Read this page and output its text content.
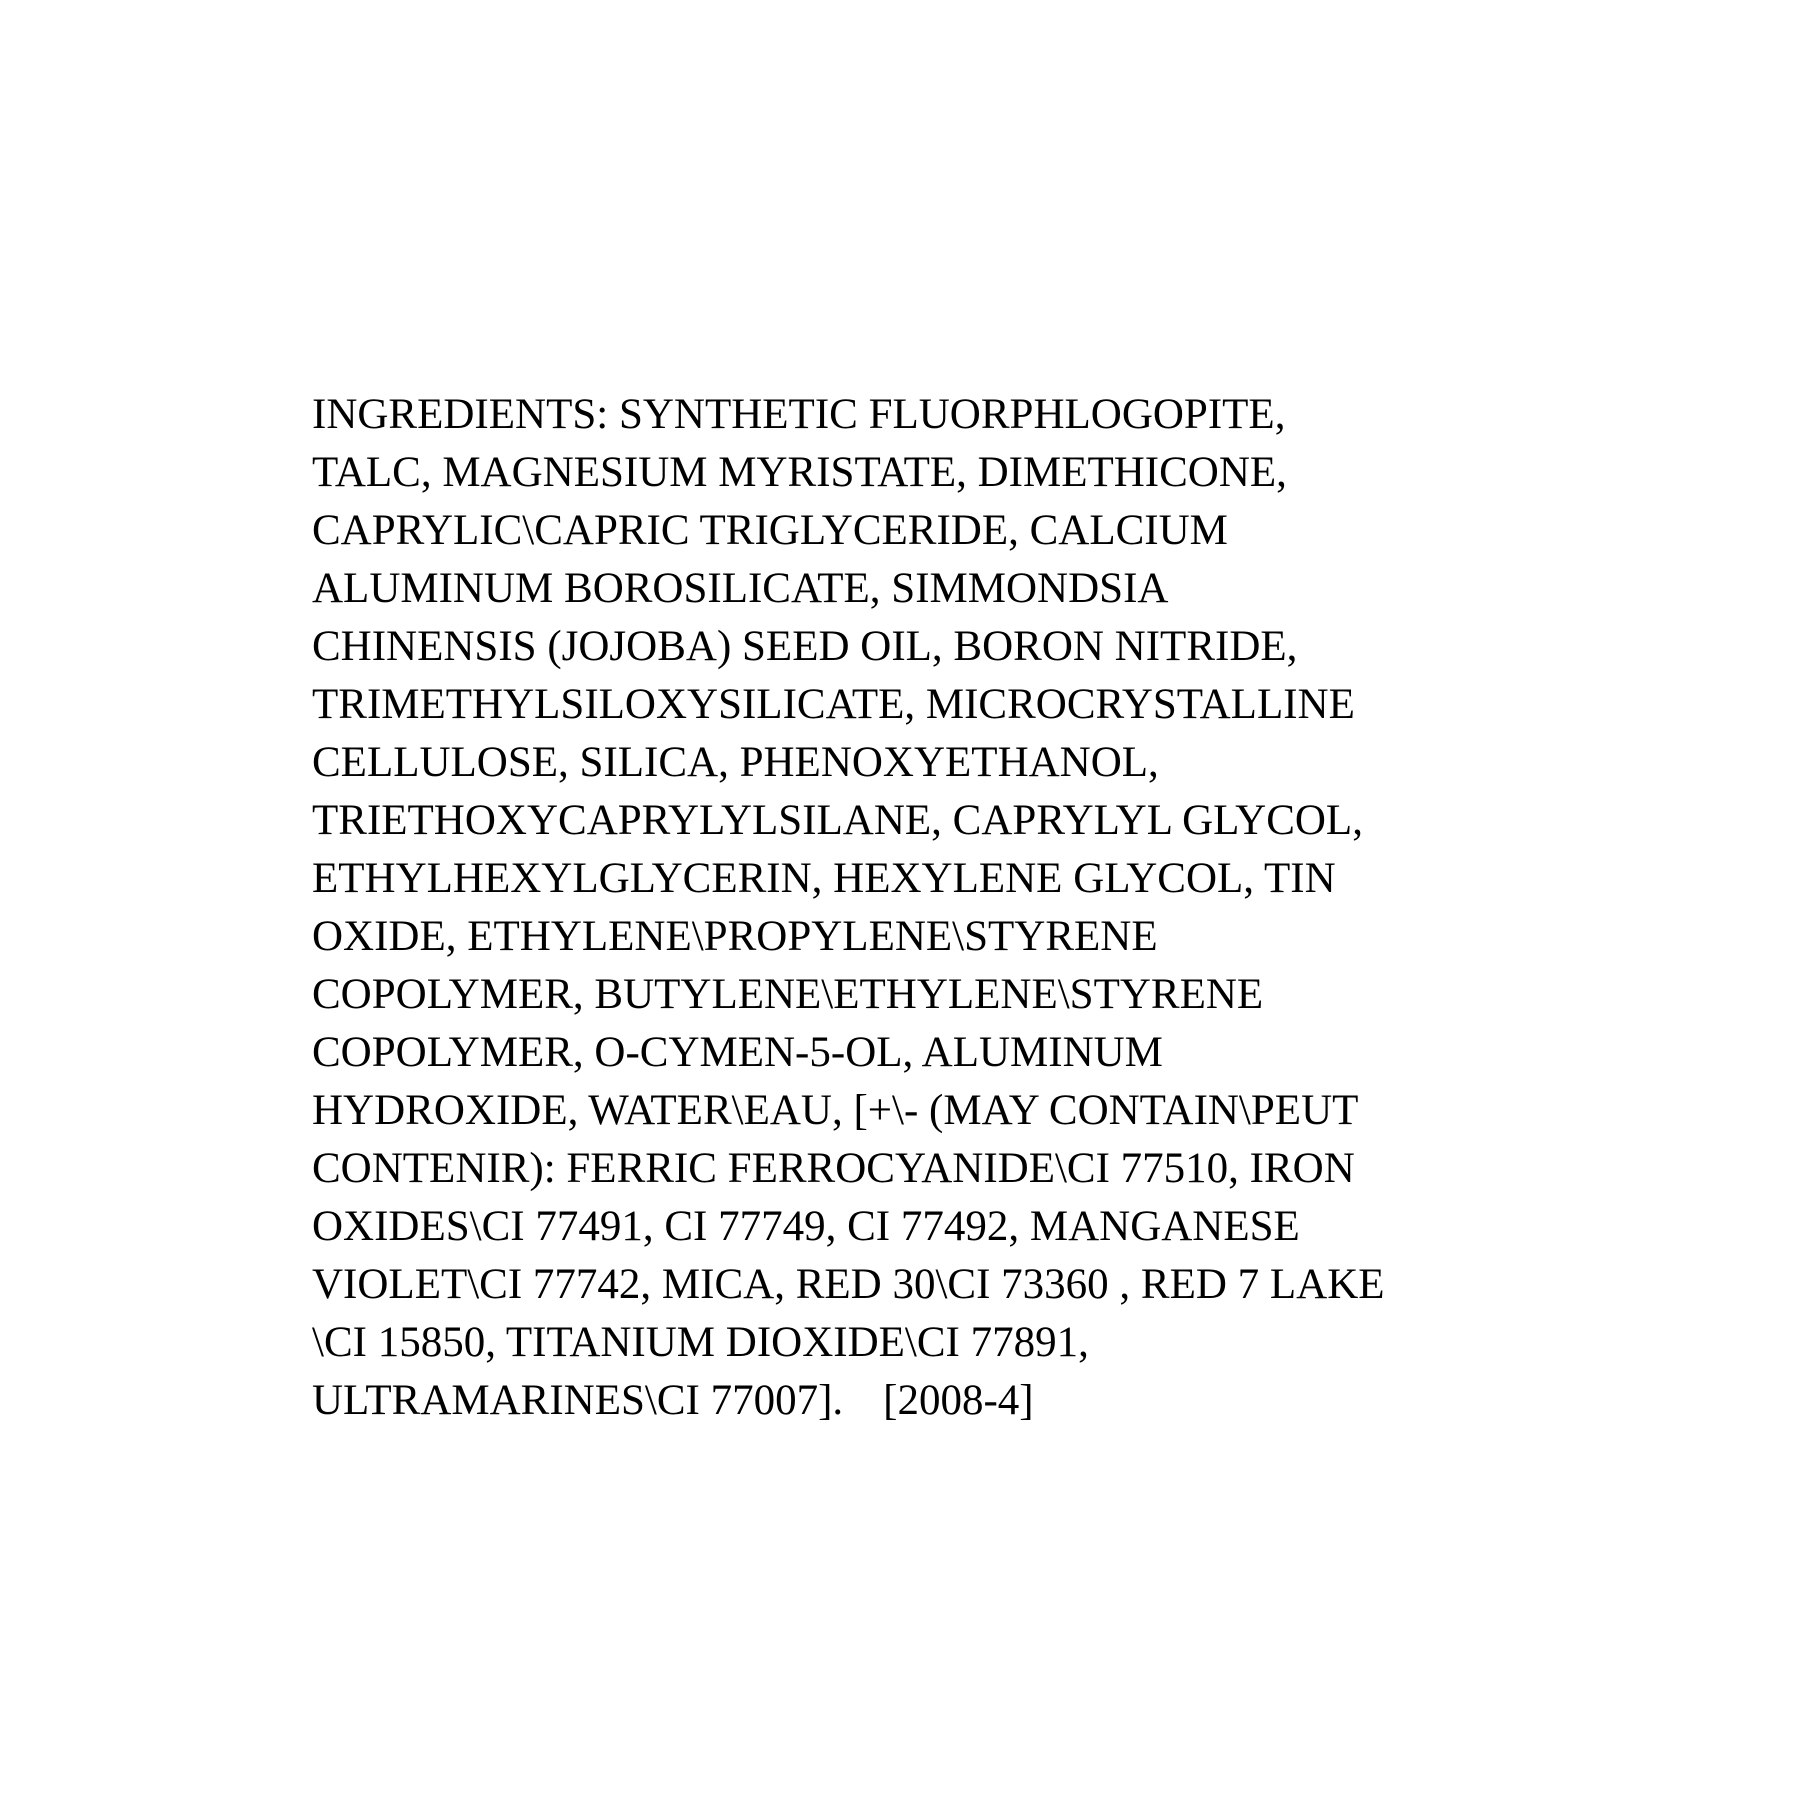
INGREDIENTS: SYNTHETIC FLUORPHLOGOPITE,
TALC, MAGNESIUM MYRISTATE, DIMETHICONE,
CAPRYLIC\CAPRIC TRIGLYCERIDE, CALCIUM
ALUMINUM BOROSILICATE, SIMMONDSIA
CHINENSIS (JOJOBA) SEED OIL, BORON NITRIDE,
TRIMETHYLSILOXYSILICATE, MICROCRYSTALLINE
CELLULOSE, SILICA, PHENOXYETHANOL,
TRIETHOXYCAPRYLYLSILANE, CAPRYLYL GLYCOL,
ETHYLHEXYLGLYCERIN, HEXYLENE GLYCOL, TIN
OXIDE, ETHYLENE\PROPYLENE\STYRENE
COPOLYMER, BUTYLENE\ETHYLENE\STYRENE
COPOLYMER, O-CYMEN-5-OL, ALUMINUM
HYDROXIDE, WATER\EAU, [+\- (MAY CONTAIN\PEUT
CONTENIR): FERRIC FERROCYANIDE\CI 77510, IRON
OXIDES\CI 77491, CI 77749, CI 77492, MANGANESE
VIOLET\CI 77742, MICA, RED 30\CI 73360 , RED 7 LAKE
\CI 15850, TITANIUM DIOXIDE\CI 77891,
ULTRAMARINES\CI 77007]. [2008-4]
